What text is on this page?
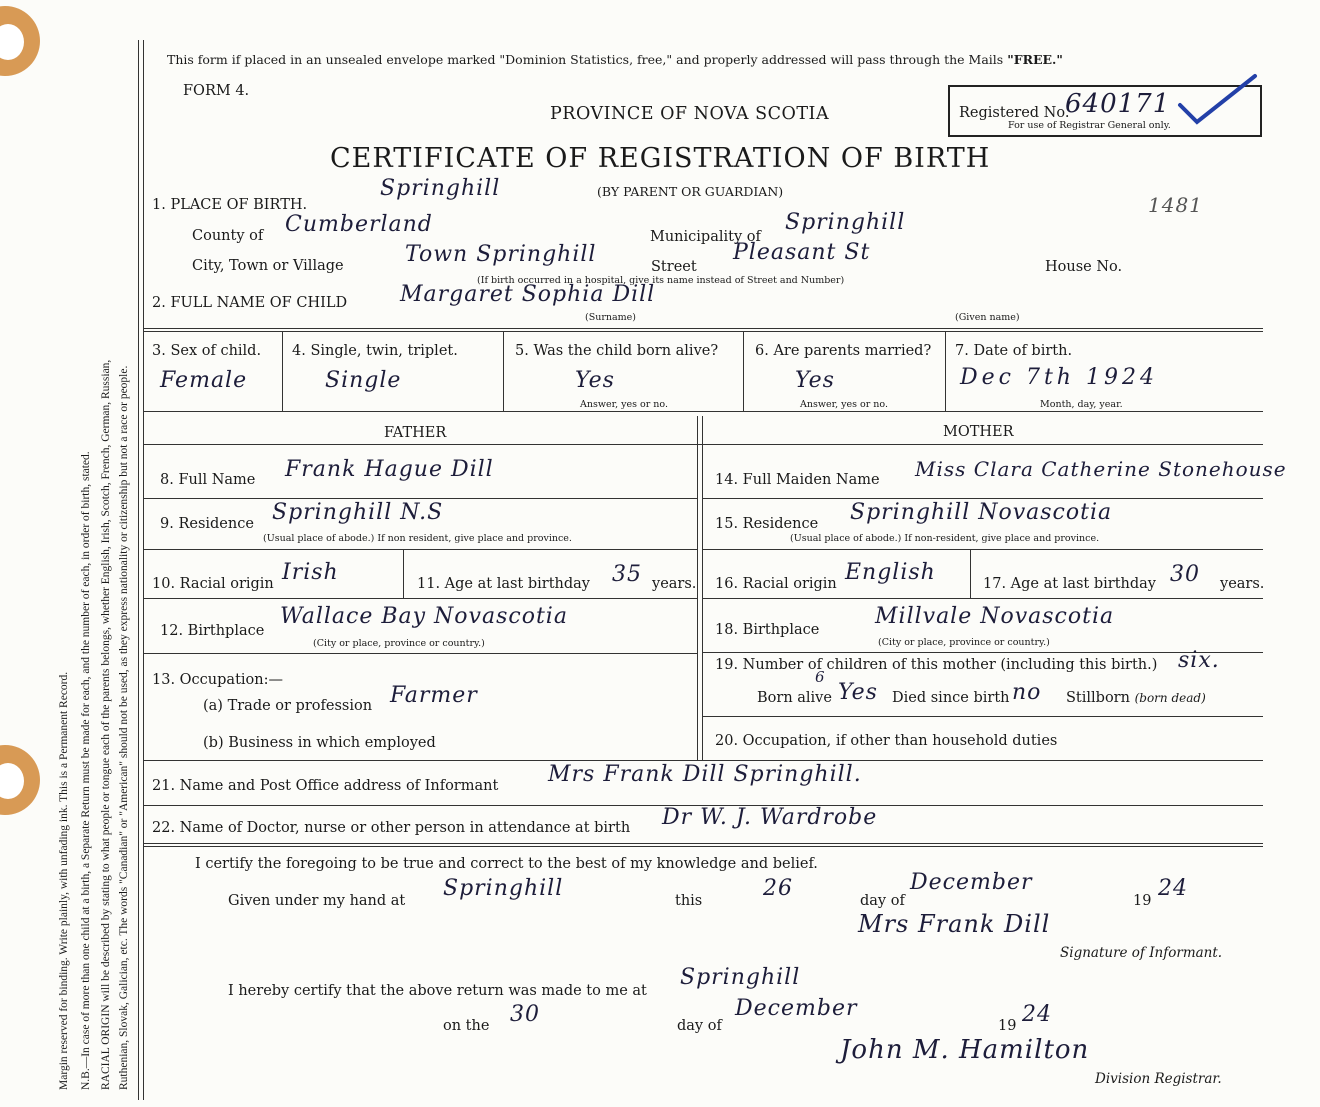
Margin reserved for binding. Write plainly, with unfading ink. This is a Permanent Record. N.B.—In case of more than one child at a birth, a Separate Return must be made for each, and the number of each, in order of birth, stated. RACIAL ORIGIN will be described by stating to what people or tongue each of the parents belongs, whether English, Irish, Scotch, French, German, Russian, Ruthenian, Slovak, Galician, etc. The words "Canadian" or "American" should not be used, as they express nationality or citizenship but not a race or people.
This form if placed in an unsealed envelope marked "Dominion Statistics, free," and properly addressed will pass through the Mails "FREE."
FORM 4.
PROVINCE OF NOVA SCOTIA
CERTIFICATE OF REGISTRATION OF BIRTH
(BY PARENT OR GUARDIAN)
Registered No.
640171
For use of Registrar General only.
1481
1. PLACE OF BIRTH.
Springhill
County of Cumberland	Municipality of
Springhill
City, Town or Village	Town Springhill	Street
Pleasant St
House No.
(If birth occurred in a hospital, give its name instead of Street and Number)
2. FULL NAME OF CHILD Margaret Sophia Dill
(Surname)	(Given name)
3. Sex of child.
Female
4. Single, twin, triplet.
Single
5. Was the child born alive?
Yes
Answer, yes or no.
6. Are parents married?
Yes
Answer, yes or no.
7. Date of birth.
Dec 7th 1924
Month, day, year.
FATHER	MOTHER
8. Full Name Frank Hague Dill
9. Residence Springhill N.S
(Usual place of abode.) If non resident, give place and province.
10. Racial origin Irish	11. Age at last birthday 35 years.
12. Birthplace
Wallace Bay Novascotia
(City or place, province or country.)
13. Occupation:—
(a) Trade or profession Farmer
(b) Business in which employed
14. Full Maiden Name Miss Clara Catherine Stonehouse
15. Residence Springhill Novascotia
(Usual place of abode.) If non-resident, give place and province.
16. Racial origin English	17. Age at last birthday 30 years.
18. Birthplace
Millvale Novascotia
(City or place, province or country.)
19. Number of children of this mother (including this birth.) six.
Born alive
6
Yes Died since birth no Stillborn (born dead)
20. Occupation, if other than household duties
21. Name and Post Office address of Informant Mrs Frank Dill Springhill.
22. Name of Doctor, nurse or other person in attendance at birth Dr W. J. Wardrobe
I certify the foregoing to be true and correct to the best of my knowledge and belief.
Given under my hand at Springhill	this	26	day of
December
19 24
Mrs Frank Dill
Signature of Informant.
I hereby certify that the above return was made to me at
Springhill
on the 30	day of
December
19 24
John M. Hamilton
Division Registrar.
